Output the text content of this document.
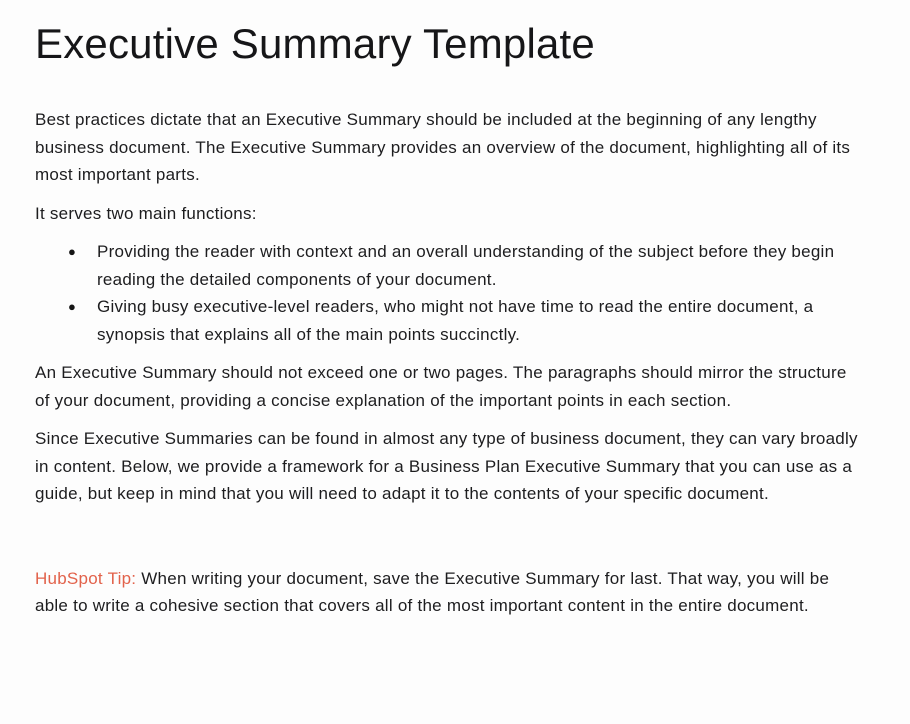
Executive Summary Template

Best practices dictate that an Executive Summary should be included at the beginning of any lengthy business document. The Executive Summary provides an overview of the document, highlighting all of its most important parts.

It serves two main functions:

●	Providing the reader with context and an overall understanding of the subject before they begin reading the detailed components of your document.
●	Giving busy executive-level readers, who might not have time to read the entire document, a synopsis that explains all of the main points succinctly.

An Executive Summary should not exceed one or two pages. The paragraphs should mirror the structure of your document, providing a concise explanation of the important points in each section.

Since Executive Summaries can be found in almost any type of business document, they can vary broadly in content. Below, we provide a framework for a Business Plan Executive Summary that you can use as a guide, but keep in mind that you will need to adapt it to the contents of your specific document.

HubSpot Tip: When writing your document, save the Executive Summary for last. That way, you will be able to write a cohesive section that covers all of the most important content in the entire document.
